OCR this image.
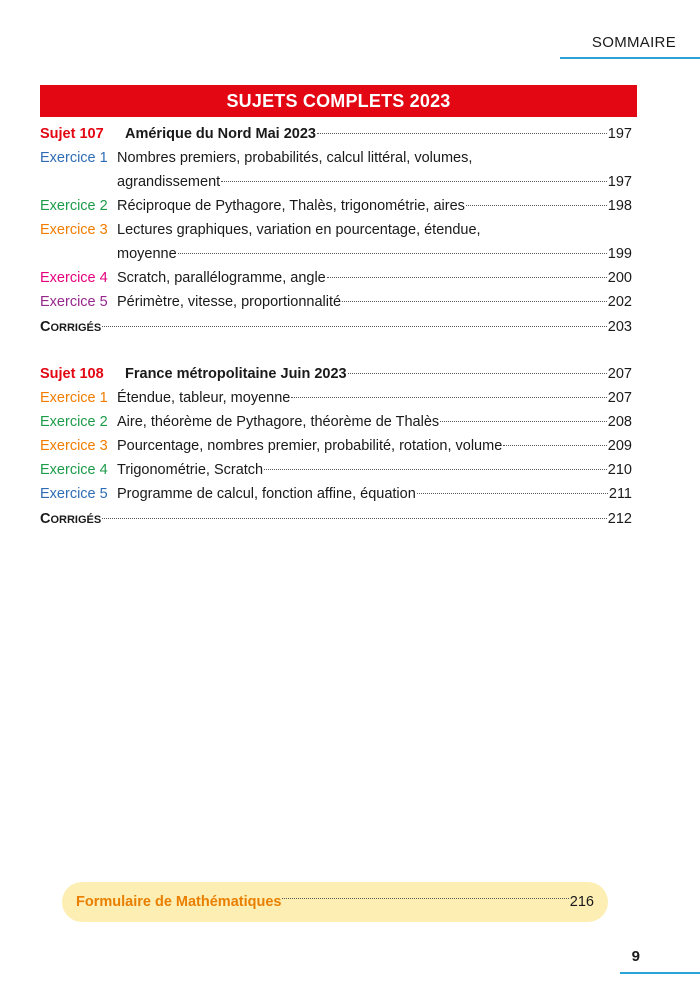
SOMMAIRE
SUJETS COMPLETS 2023
Sujet 107	Amérique du Nord Mai 2023	197
Exercice 1 Nombres premiers, probabilités, calcul littéral, volumes,
agrandissement	197
Exercice 2 Réciproque de Pythagore, Thalès, trigonométrie, aires	198
Exercice 3 Lectures graphiques, variation en pourcentage, étendue,
moyenne	199
Exercice 4 Scratch, parallélogramme, angle	200
Exercice 5 Périmètre, vitesse, proportionnalité	202
CORRIGÉS	203
Sujet 108	France métropolitaine Juin 2023	207
Exercice 1 Étendue, tableur, moyenne	207
Exercice 2 Aire, théorème de Pythagore, théorème de Thalès	208
Exercice 3 Pourcentage, nombres premier, probabilité, rotation, volume	209
Exercice 4 Trigonométrie, Scratch	210
Exercice 5 Programme de calcul, fonction affine, équation	211
CORRIGÉS	212
Formulaire de Mathématiques	216
9
